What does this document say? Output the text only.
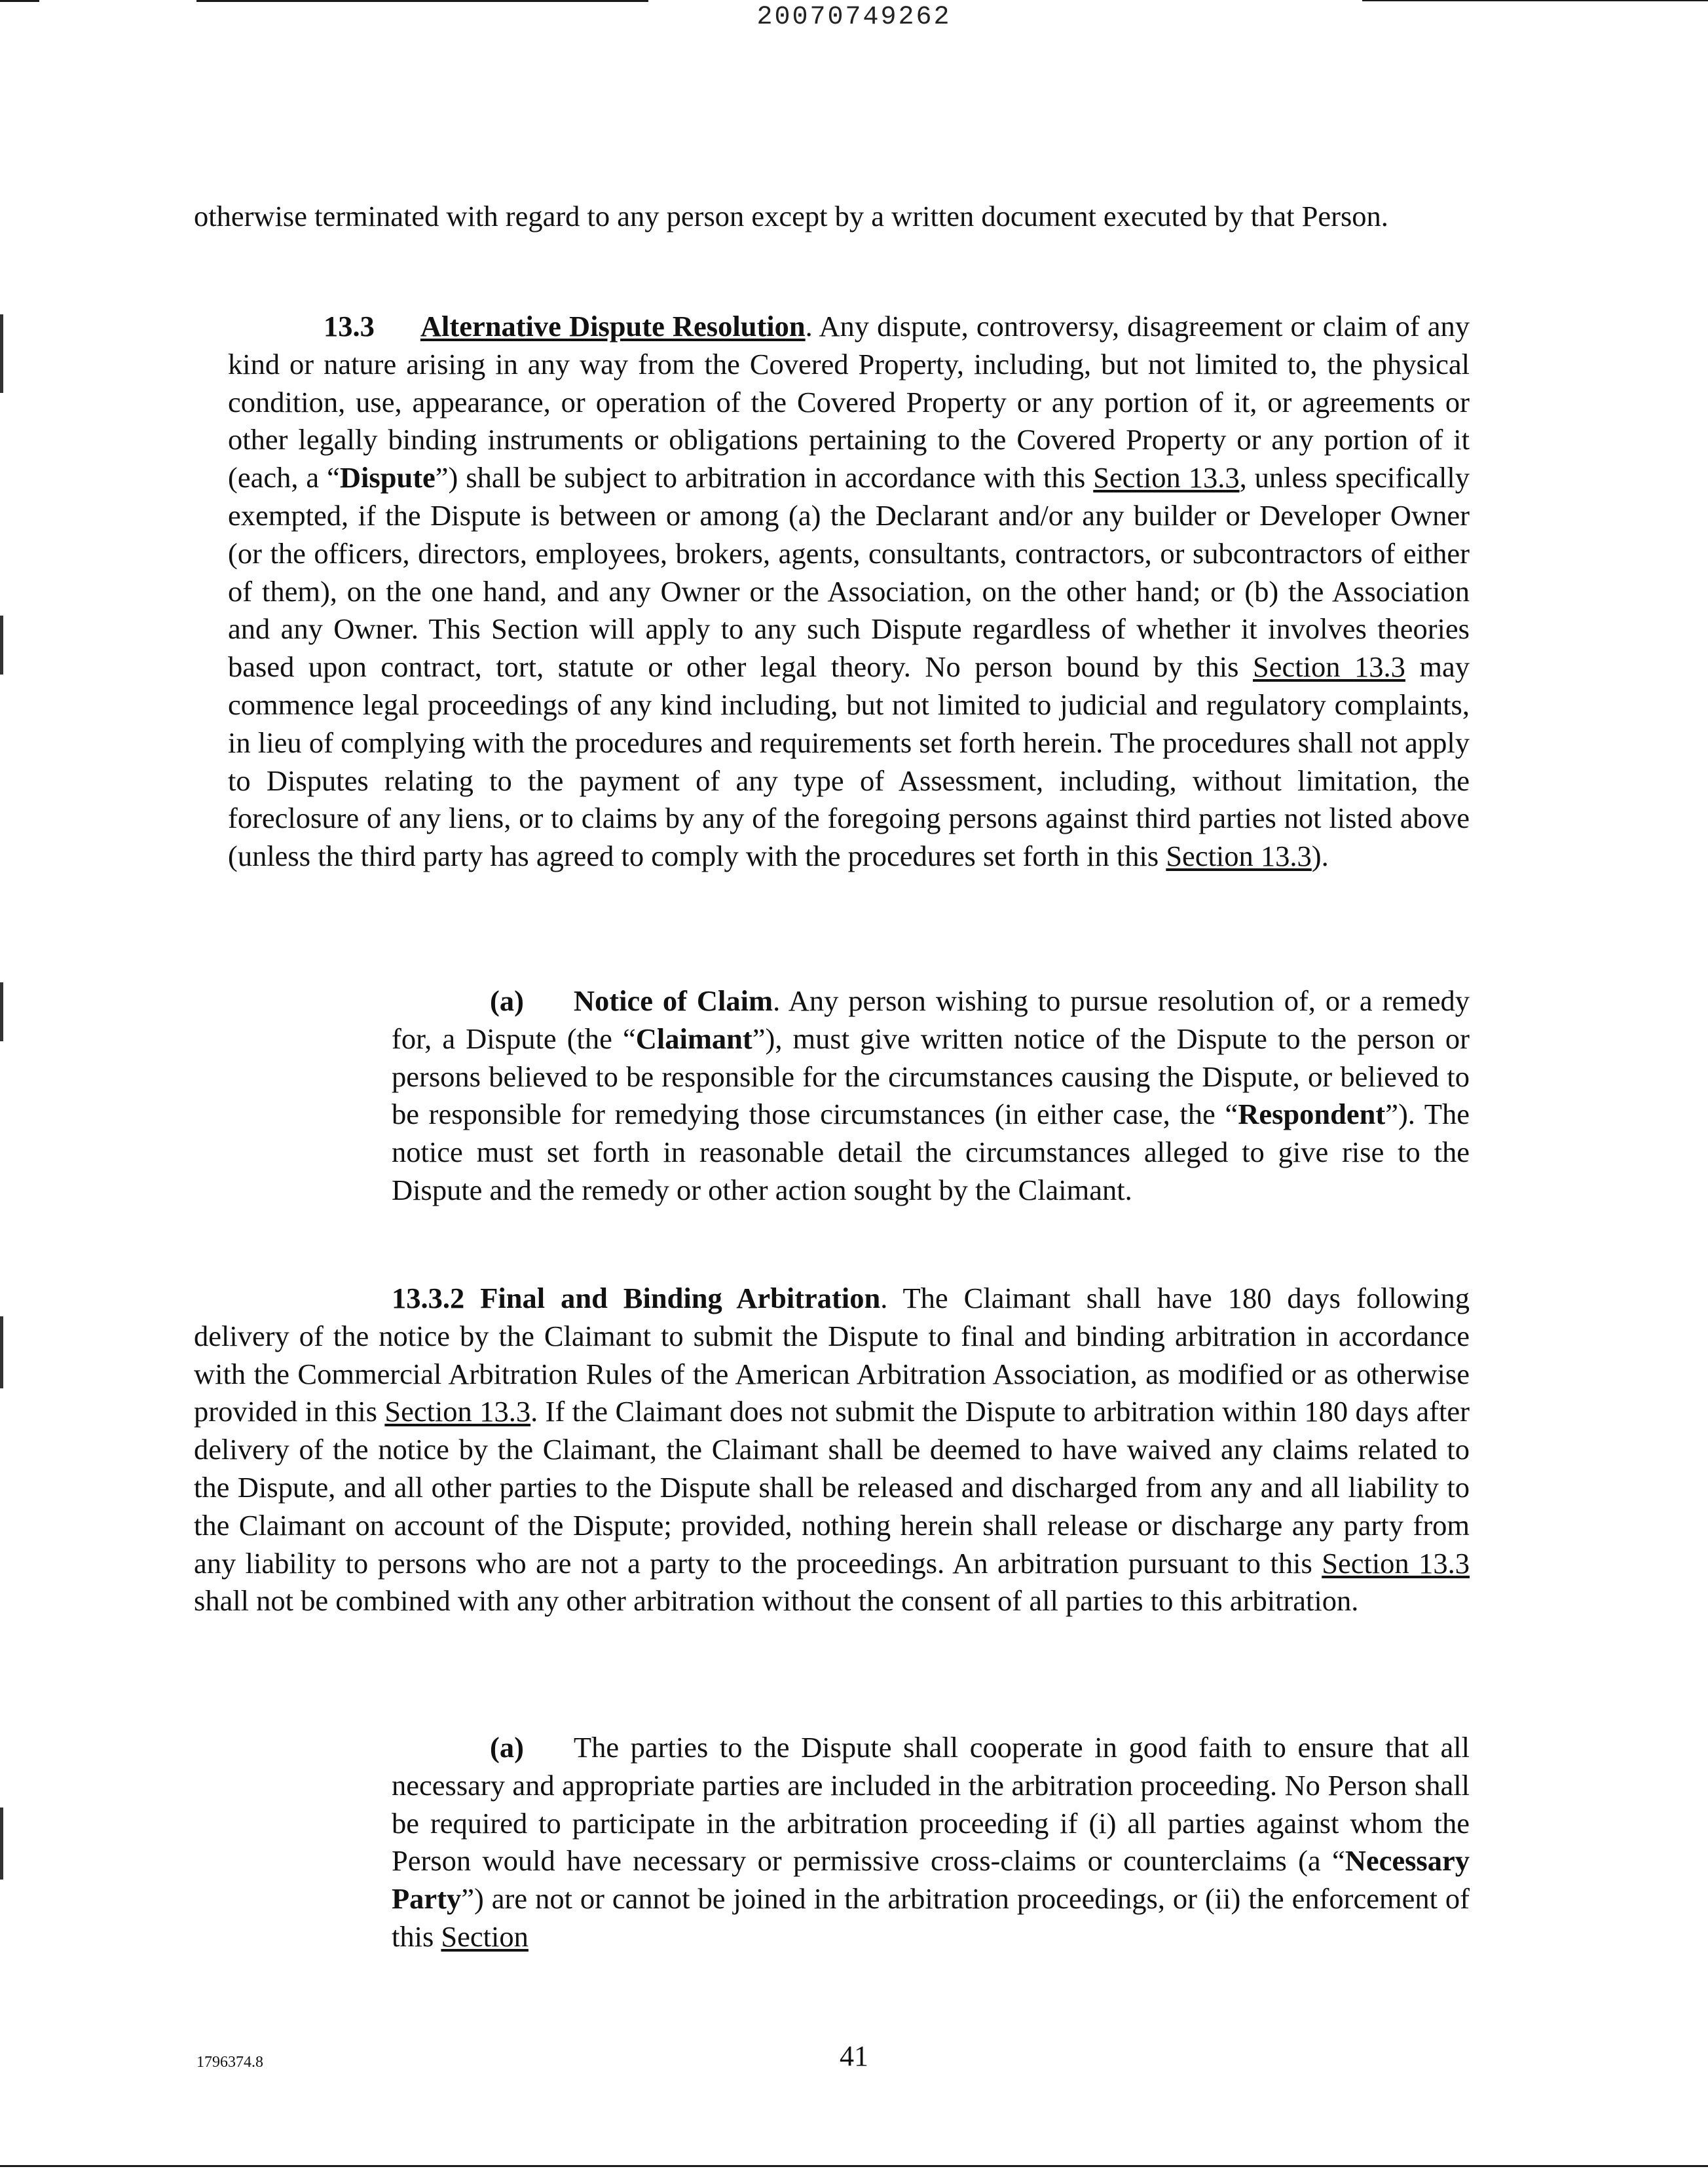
20070749262

otherwise terminated with regard to any person except by a written document executed by that Person.

13.3 Alternative Dispute Resolution. Any dispute, controversy, disagreement or claim of any kind or nature arising in any way from the Covered Property, including, but not limited to, the physical condition, use, appearance, or operation of the Covered Property or any portion of it, or agreements or other legally binding instruments or obligations pertaining to the Covered Property or any portion of it (each, a “Dispute”) shall be subject to arbitration in accordance with this Section 13.3, unless specifically exempted, if the Dispute is between or among (a) the Declarant and/or any builder or Developer Owner (or the officers, directors, employees, brokers, agents, consultants, contractors, or subcontractors of either of them), on the one hand, and any Owner or the Association, on the other hand; or (b) the Association and any Owner. This Section will apply to any such Dispute regardless of whether it involves theories based upon contract, tort, statute or other legal theory. No person bound by this Section 13.3 may commence legal proceedings of any kind including, but not limited to judicial and regulatory complaints, in lieu of complying with the procedures and requirements set forth herein. The procedures shall not apply to Disputes relating to the payment of any type of Assessment, including, without limitation, the foreclosure of any liens, or to claims by any of the foregoing persons against third parties not listed above (unless the third party has agreed to comply with the procedures set forth in this Section 13.3).

(a) Notice of Claim. Any person wishing to pursue resolution of, or a remedy for, a Dispute (the “Claimant”), must give written notice of the Dispute to the person or persons believed to be responsible for the circumstances causing the Dispute, or believed to be responsible for remedying those circumstances (in either case, the “Respondent”). The notice must set forth in reasonable detail the circumstances alleged to give rise to the Dispute and the remedy or other action sought by the Claimant.

13.3.2 Final and Binding Arbitration. The Claimant shall have 180 days following delivery of the notice by the Claimant to submit the Dispute to final and binding arbitration in accordance with the Commercial Arbitration Rules of the American Arbitration Association, as modified or as otherwise provided in this Section 13.3. If the Claimant does not submit the Dispute to arbitration within 180 days after delivery of the notice by the Claimant, the Claimant shall be deemed to have waived any claims related to the Dispute, and all other parties to the Dispute shall be released and discharged from any and all liability to the Claimant on account of the Dispute; provided, nothing herein shall release or discharge any party from any liability to persons who are not a party to the proceedings. An arbitration pursuant to this Section 13.3 shall not be combined with any other arbitration without the consent of all parties to this arbitration.

(a) The parties to the Dispute shall cooperate in good faith to ensure that all necessary and appropriate parties are included in the arbitration proceeding. No Person shall be required to participate in the arbitration proceeding if (i) all parties against whom the Person would have necessary or permissive cross-claims or counterclaims (a “Necessary Party”) are not or cannot be joined in the arbitration proceedings, or (ii) the enforcement of this Section

1796374.8	41
